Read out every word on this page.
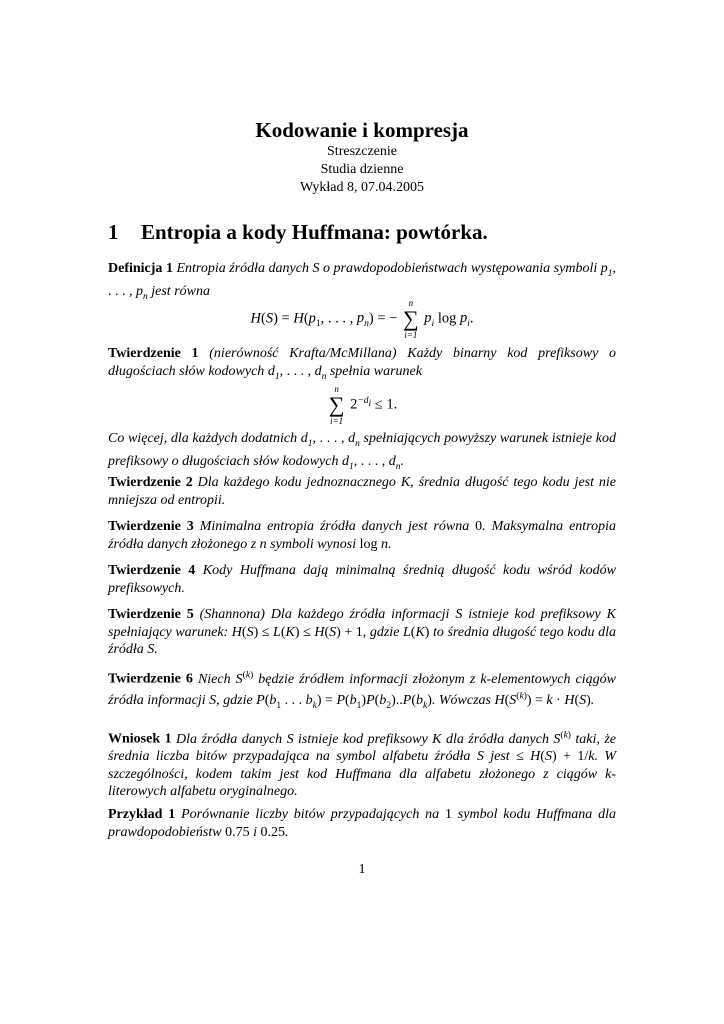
Kodowanie i kompresja
Streszczenie
Studia dzienne
Wykład 8, 07.04.2005
1 Entropia a kody Huffmana: powtórka.
Definicja 1 Entropia źródła danych S o prawdopodobieństwach występowania symboli $p_1$, . . . , $p_n$ jest równa
$H(S) = H(p_1$, . . . , $p_n$) = −
n
∑
i=1
$p_i$ $\log p_i$.
Twierdzenie 1 (nierówność Krafta/McMillana) Każdy binarny kod prefiksowy o długościach słów kodowych $d_1$, . . . , $d_n$ spełnia warunek
n
∑
i=1
$2^{-d_i} \le 1$.
Co więcej, dla każdych dodatnich $d_1$, . . . , $d_n$ spełniających powyższy warunek istnieje kod prefiksowy o długościach słów kodowych $d_1$, . . . , $d_n$.
Twierdzenie 2 Dla każdego kodu jednoznacznego K, średnia długość tego kodu jest nie mniejsza od entropii.
Twierdzenie 3 Minimalna entropia źródła danych jest równa 0. Maksymalna entropia źródła danych złożonego z n symboli wynosi log n.
Twierdzenie 4 Kody Huffmana dają minimalną średnią długość kodu wśród kodów prefiksowych.
Twierdzenie 5 (Shannona) Dla każdego źródła informacji S istnieje kod prefiksowy K spełniający warunek: H(S) ≤ L(K) ≤ H(S) + 1, gdzie L(K) to średnia długość tego kodu dla źródła S.
Twierdzenie 6 Niech $S^{(k)}$ będzie źródłem informacji złożonym z k-elementowych ciągów źródła informacji S, gdzie $P(b_1$ . . . $b_k) = P(b_1)P(b_2)..P(b_k)$. Wówczas $H(S^{(k)}) = k \cdot H(S)$.
Wniosek 1 Dla źródła danych S istnieje kod prefiksowy K dla źródła danych $S^{(k)}$ taki, że średnia liczba bitów przypadająca na symbol alfabetu źródła S jest ≤ H(S) + 1/k. W szczególności, kodem takim jest kod Huffmana dla alfabetu złożonego z ciągów k-literowych alfabetu oryginalnego.
Przykład 1 Porównanie liczby bitów przypadających na 1 symbol kodu Huffmana dla prawdopodobieństw 0.75 i 0.25.
1
